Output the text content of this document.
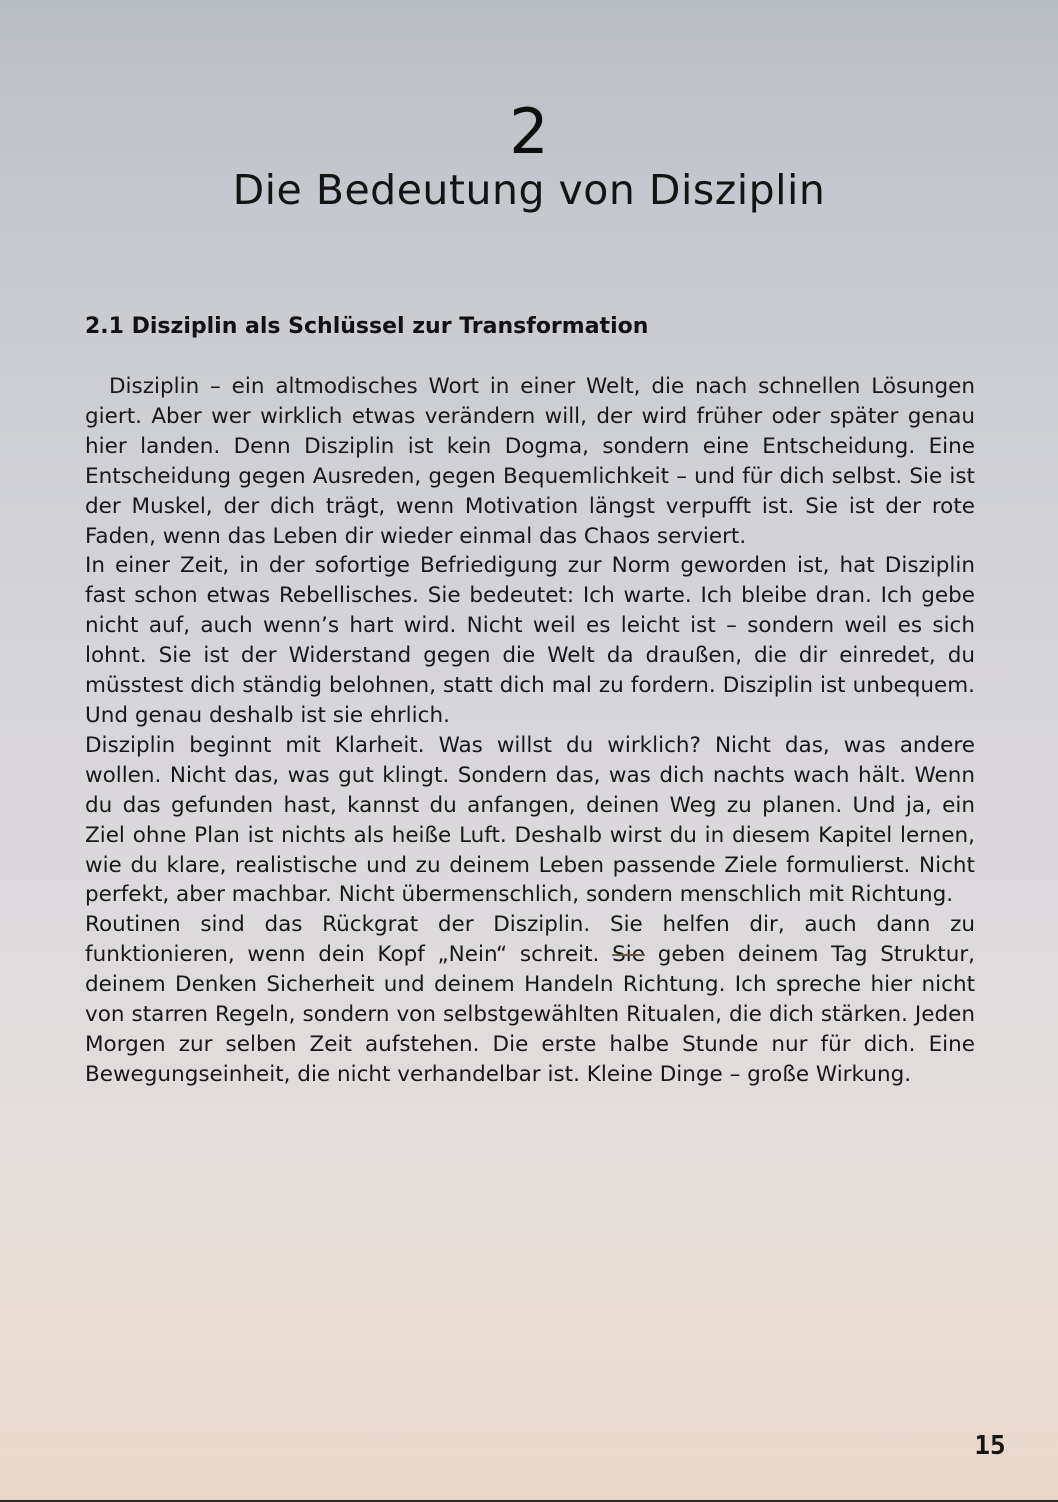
2
Die Bedeutung von Disziplin
2.1 Disziplin als Schlüssel zur Transformation

Disziplin – ein altmodisches Wort in einer Welt, die nach schnellen Lösungen giert. Aber wer wirklich etwas verändern will, der wird früher oder später genau hier landen. Denn Disziplin ist kein Dogma, sondern eine Entscheidung. Eine Entscheidung gegen Ausreden, gegen Bequemlichkeit – und für dich selbst. Sie ist der Muskel, der dich trägt, wenn Motivation längst verpufft ist. Sie ist der rote Faden, wenn das Leben dir wieder einmal das Chaos serviert.

In einer Zeit, in der sofortige Befriedigung zur Norm geworden ist, hat Disziplin fast schon etwas Rebellisches. Sie bedeutet: Ich warte. Ich bleibe dran. Ich gebe nicht auf, auch wenn’s hart wird. Nicht weil es leicht ist – sondern weil es sich lohnt. Sie ist der Widerstand gegen die Welt da draußen, die dir einredet, du müsstest dich ständig belohnen, statt dich mal zu fordern. Disziplin ist unbequem. Und genau deshalb ist sie ehrlich.

Disziplin beginnt mit Klarheit. Was willst du wirklich? Nicht das, was andere wollen. Nicht das, was gut klingt. Sondern das, was dich nachts wach hält. Wenn du das gefunden hast, kannst du anfangen, deinen Weg zu planen. Und ja, ein Ziel ohne Plan ist nichts als heiße Luft. Deshalb wirst du in diesem Kapitel lernen, wie du klare, realistische und zu deinem Leben passende Ziele formulierst. Nicht perfekt, aber machbar. Nicht übermenschlich, sondern menschlich mit Richtung.

Routinen sind das Rückgrat der Disziplin. Sie helfen dir, auch dann zu funktionieren, wenn dein Kopf „Nein“ schreit. Sie geben deinem Tag Struktur, deinem Denken Sicherheit und deinem Handeln Richtung. Ich spreche hier nicht von starren Regeln, sondern von selbstgewählten Ritualen, die dich stärken. Jeden Morgen zur selben Zeit aufstehen. Die erste halbe Stunde nur für dich. Eine Bewegungseinheit, die nicht verhandelbar ist. Kleine Dinge – große Wirkung.

15
